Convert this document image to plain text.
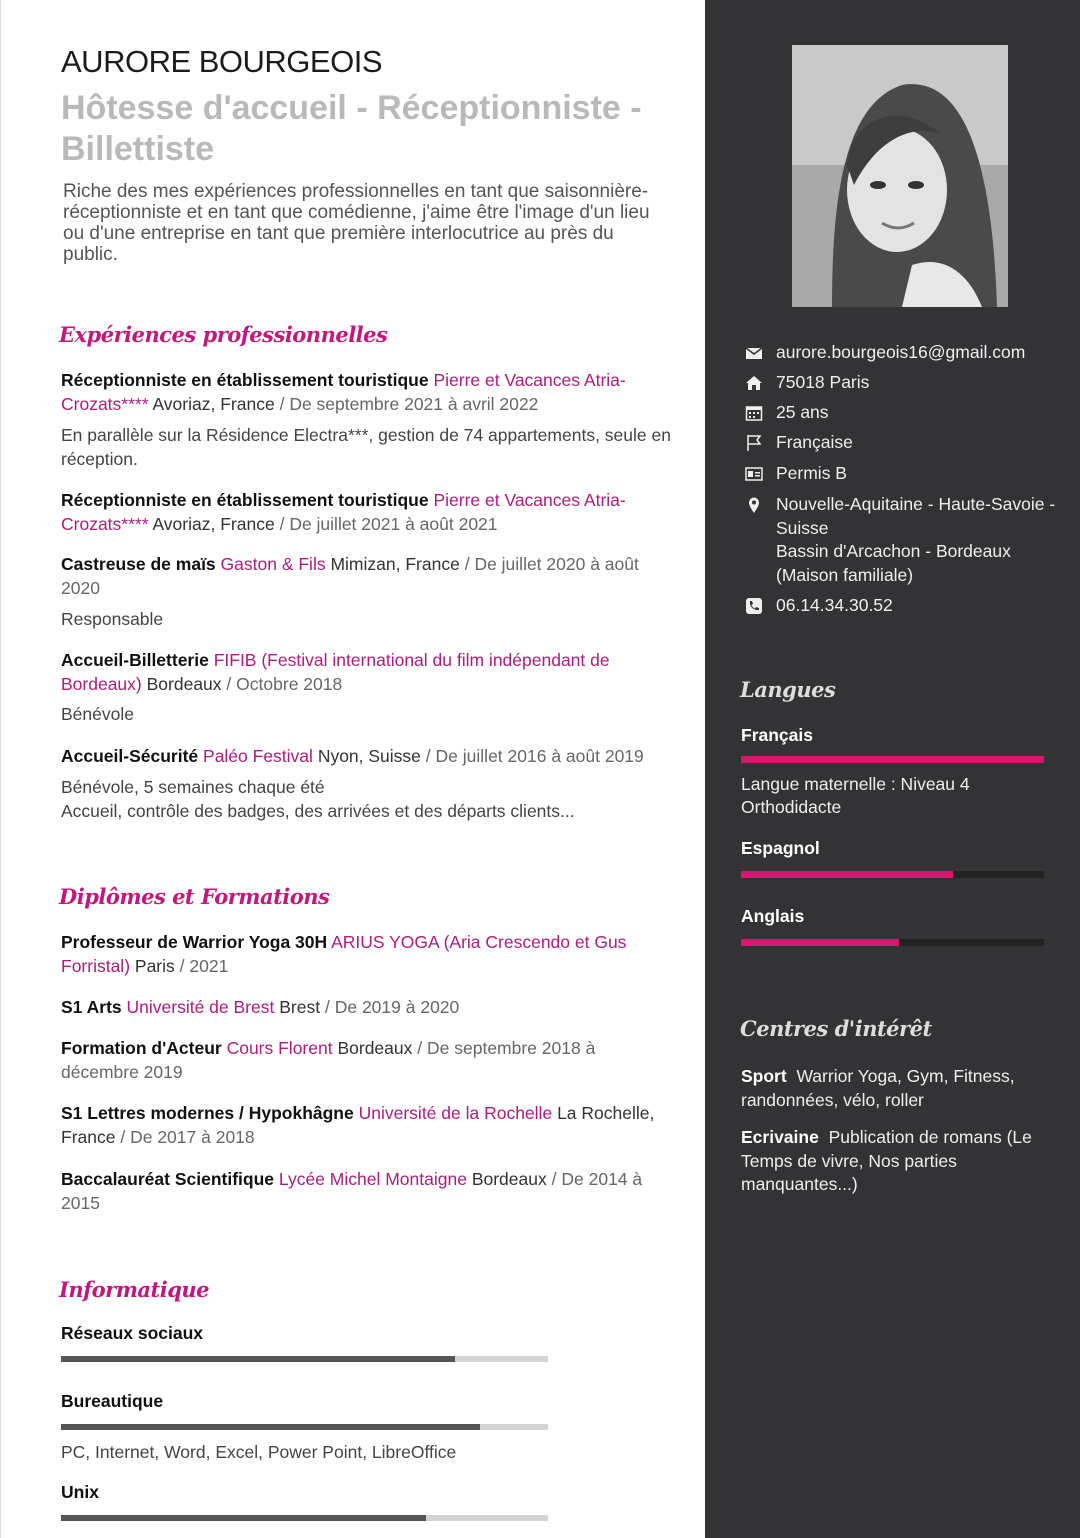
AURORE BOURGEOIS
Hôtesse d'accueil - Réceptionniste - Billettiste
Riche des mes expériences professionnelles en tant que saisonnière-réceptionniste et en tant que comédienne, j'aime être l'image d'un lieu ou d'une entreprise en tant que première interlocutrice au près du public.
Expériences professionnelles
Réceptionniste en établissement touristique Pierre et Vacances Atria-Crozats**** Avoriaz, France / De septembre 2021 à avril 2022
En parallèle sur la Résidence Electra***, gestion de 74 appartements, seule en réception.
Réceptionniste en établissement touristique Pierre et Vacances Atria-Crozats**** Avoriaz, France / De juillet 2021 à août 2021
Castreuse de maïs Gaston & Fils Mimizan, France / De juillet 2020 à août 2020
Responsable
Accueil-Billetterie FIFIB (Festival international du film indépendant de Bordeaux) Bordeaux / Octobre 2018
Bénévole
Accueil-Sécurité Paléo Festival Nyon, Suisse / De juillet 2016 à août 2019
Bénévole, 5 semaines chaque été
Accueil, contrôle des badges, des arrivées et des départs clients...
Diplômes et Formations
Professeur de Warrior Yoga 30H ARIUS YOGA (Aria Crescendo et Gus Forristal) Paris / 2021
S1 Arts Université de Brest Brest / De 2019 à 2020
Formation d'Acteur Cours Florent Bordeaux / De septembre 2018 à décembre 2019
S1 Lettres modernes / Hypokhâgne Université de la Rochelle La Rochelle, France / De 2017 à 2018
Baccalauréat Scientifique Lycée Michel Montaigne Bordeaux / De 2014 à 2015
Informatique
Réseaux sociaux
Bureautique
PC, Internet, Word, Excel, Power Point, LibreOffice
Unix
aurore.bourgeois16@gmail.com
75018 Paris
25 ans
Française
Permis B
Nouvelle-Aquitaine - Haute-Savoie - Suisse
Bassin d'Arcachon - Bordeaux (Maison familiale)
06.14.34.30.52
Langues
Français
Langue maternelle : Niveau 4
Orthodidacte
Espagnol
Anglais
Centres d'intérêt
Sport Warrior Yoga, Gym, Fitness, randonnées, vélo, roller
Ecrivaine Publication de romans (Le Temps de vivre, Nos parties manquantes...)
